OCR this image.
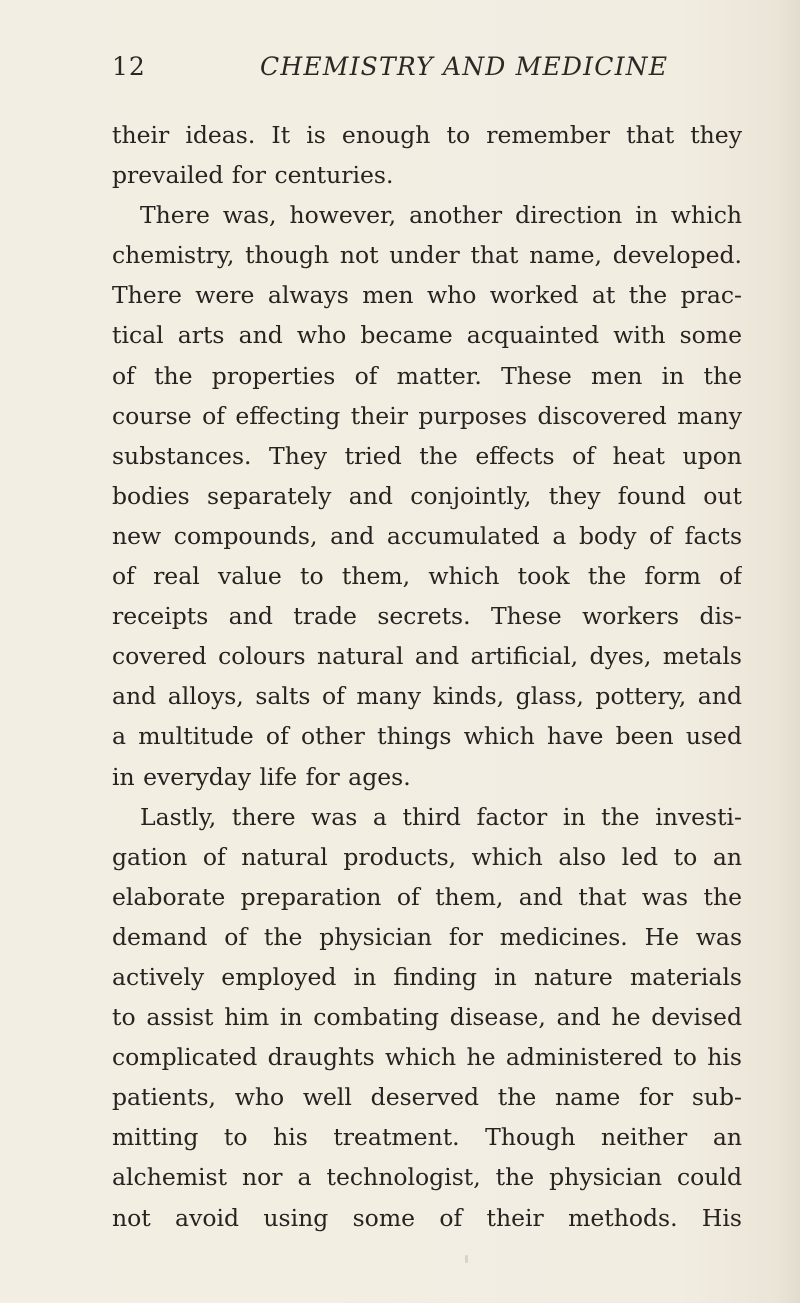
12	CHEMISTRY AND MEDICINE
their ideas. It is enough to remember that they
prevailed for centuries.
There was, however, another direction in which
chemistry, though not under that name, developed.
There were always men who worked at the prac-
tical arts and who became acquainted with some
of the properties of matter. These men in the
course of effecting their purposes discovered many
substances. They tried the effects of heat upon
bodies separately and conjointly, they found out
new compounds, and accumulated a body of facts
of real value to them, which took the form of
receipts and trade secrets. These workers dis-
covered colours natural and artificial, dyes, metals
and alloys, salts of many kinds, glass, pottery, and
a multitude of other things which have been used
in everyday life for ages.
Lastly, there was a third factor in the investi-
gation of natural products, which also led to an
elaborate preparation of them, and that was the
demand of the physician for medicines. He was
actively employed in finding in nature materials
to assist him in combating disease, and he devised
complicated draughts which he administered to his
patients, who well deserved the name for sub-
mitting to his treatment. Though neither an
alchemist nor a technologist, the physician could
not avoid using some of their methods. His
